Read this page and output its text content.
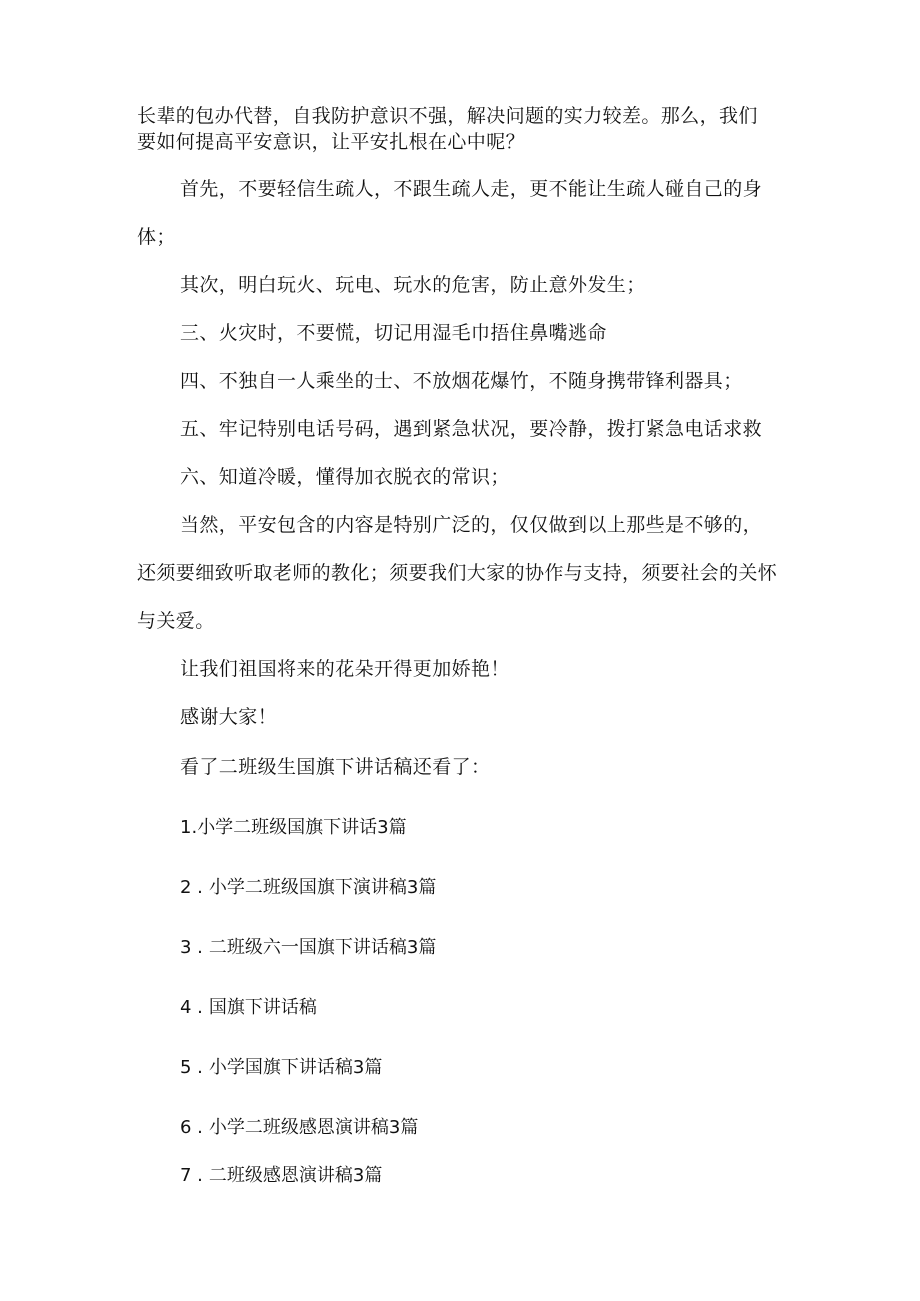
长辈的包办代替，自我防护意识不强，解决问题的实力较差。那么，我们
要如何提高平安意识，让平安扎根在心中呢？
首先，不要轻信生疏人，不跟生疏人走，更不能让生疏人碰自己的身
体；
其次，明白玩火、玩电、玩水的危害，防止意外发生；
三、火灾时，不要慌，切记用湿毛巾捂住鼻嘴逃命
四、不独自一人乘坐的士、不放烟花爆竹，不随身携带锋利器具；
五、牢记特别电话号码，遇到紧急状况，要冷静，拨打紧急电话求救
六、知道冷暖，懂得加衣脱衣的常识；
当然，平安包含的内容是特别广泛的，仅仅做到以上那些是不够的，
还须要细致听取老师的教化；须要我们大家的协作与支持，须要社会的关怀
与关爱。
让我们祖国将来的花朵开得更加娇艳！
感谢大家！
看了二班级生国旗下讲话稿还看了：
1.小学二班级国旗下讲话3篇
2 . 小学二班级国旗下演讲稿3篇
3 . 二班级六一国旗下讲话稿3篇
4 . 国旗下讲话稿
5 . 小学国旗下讲话稿3篇
6 . 小学二班级感恩演讲稿3篇
7 . 二班级感恩演讲稿3篇
